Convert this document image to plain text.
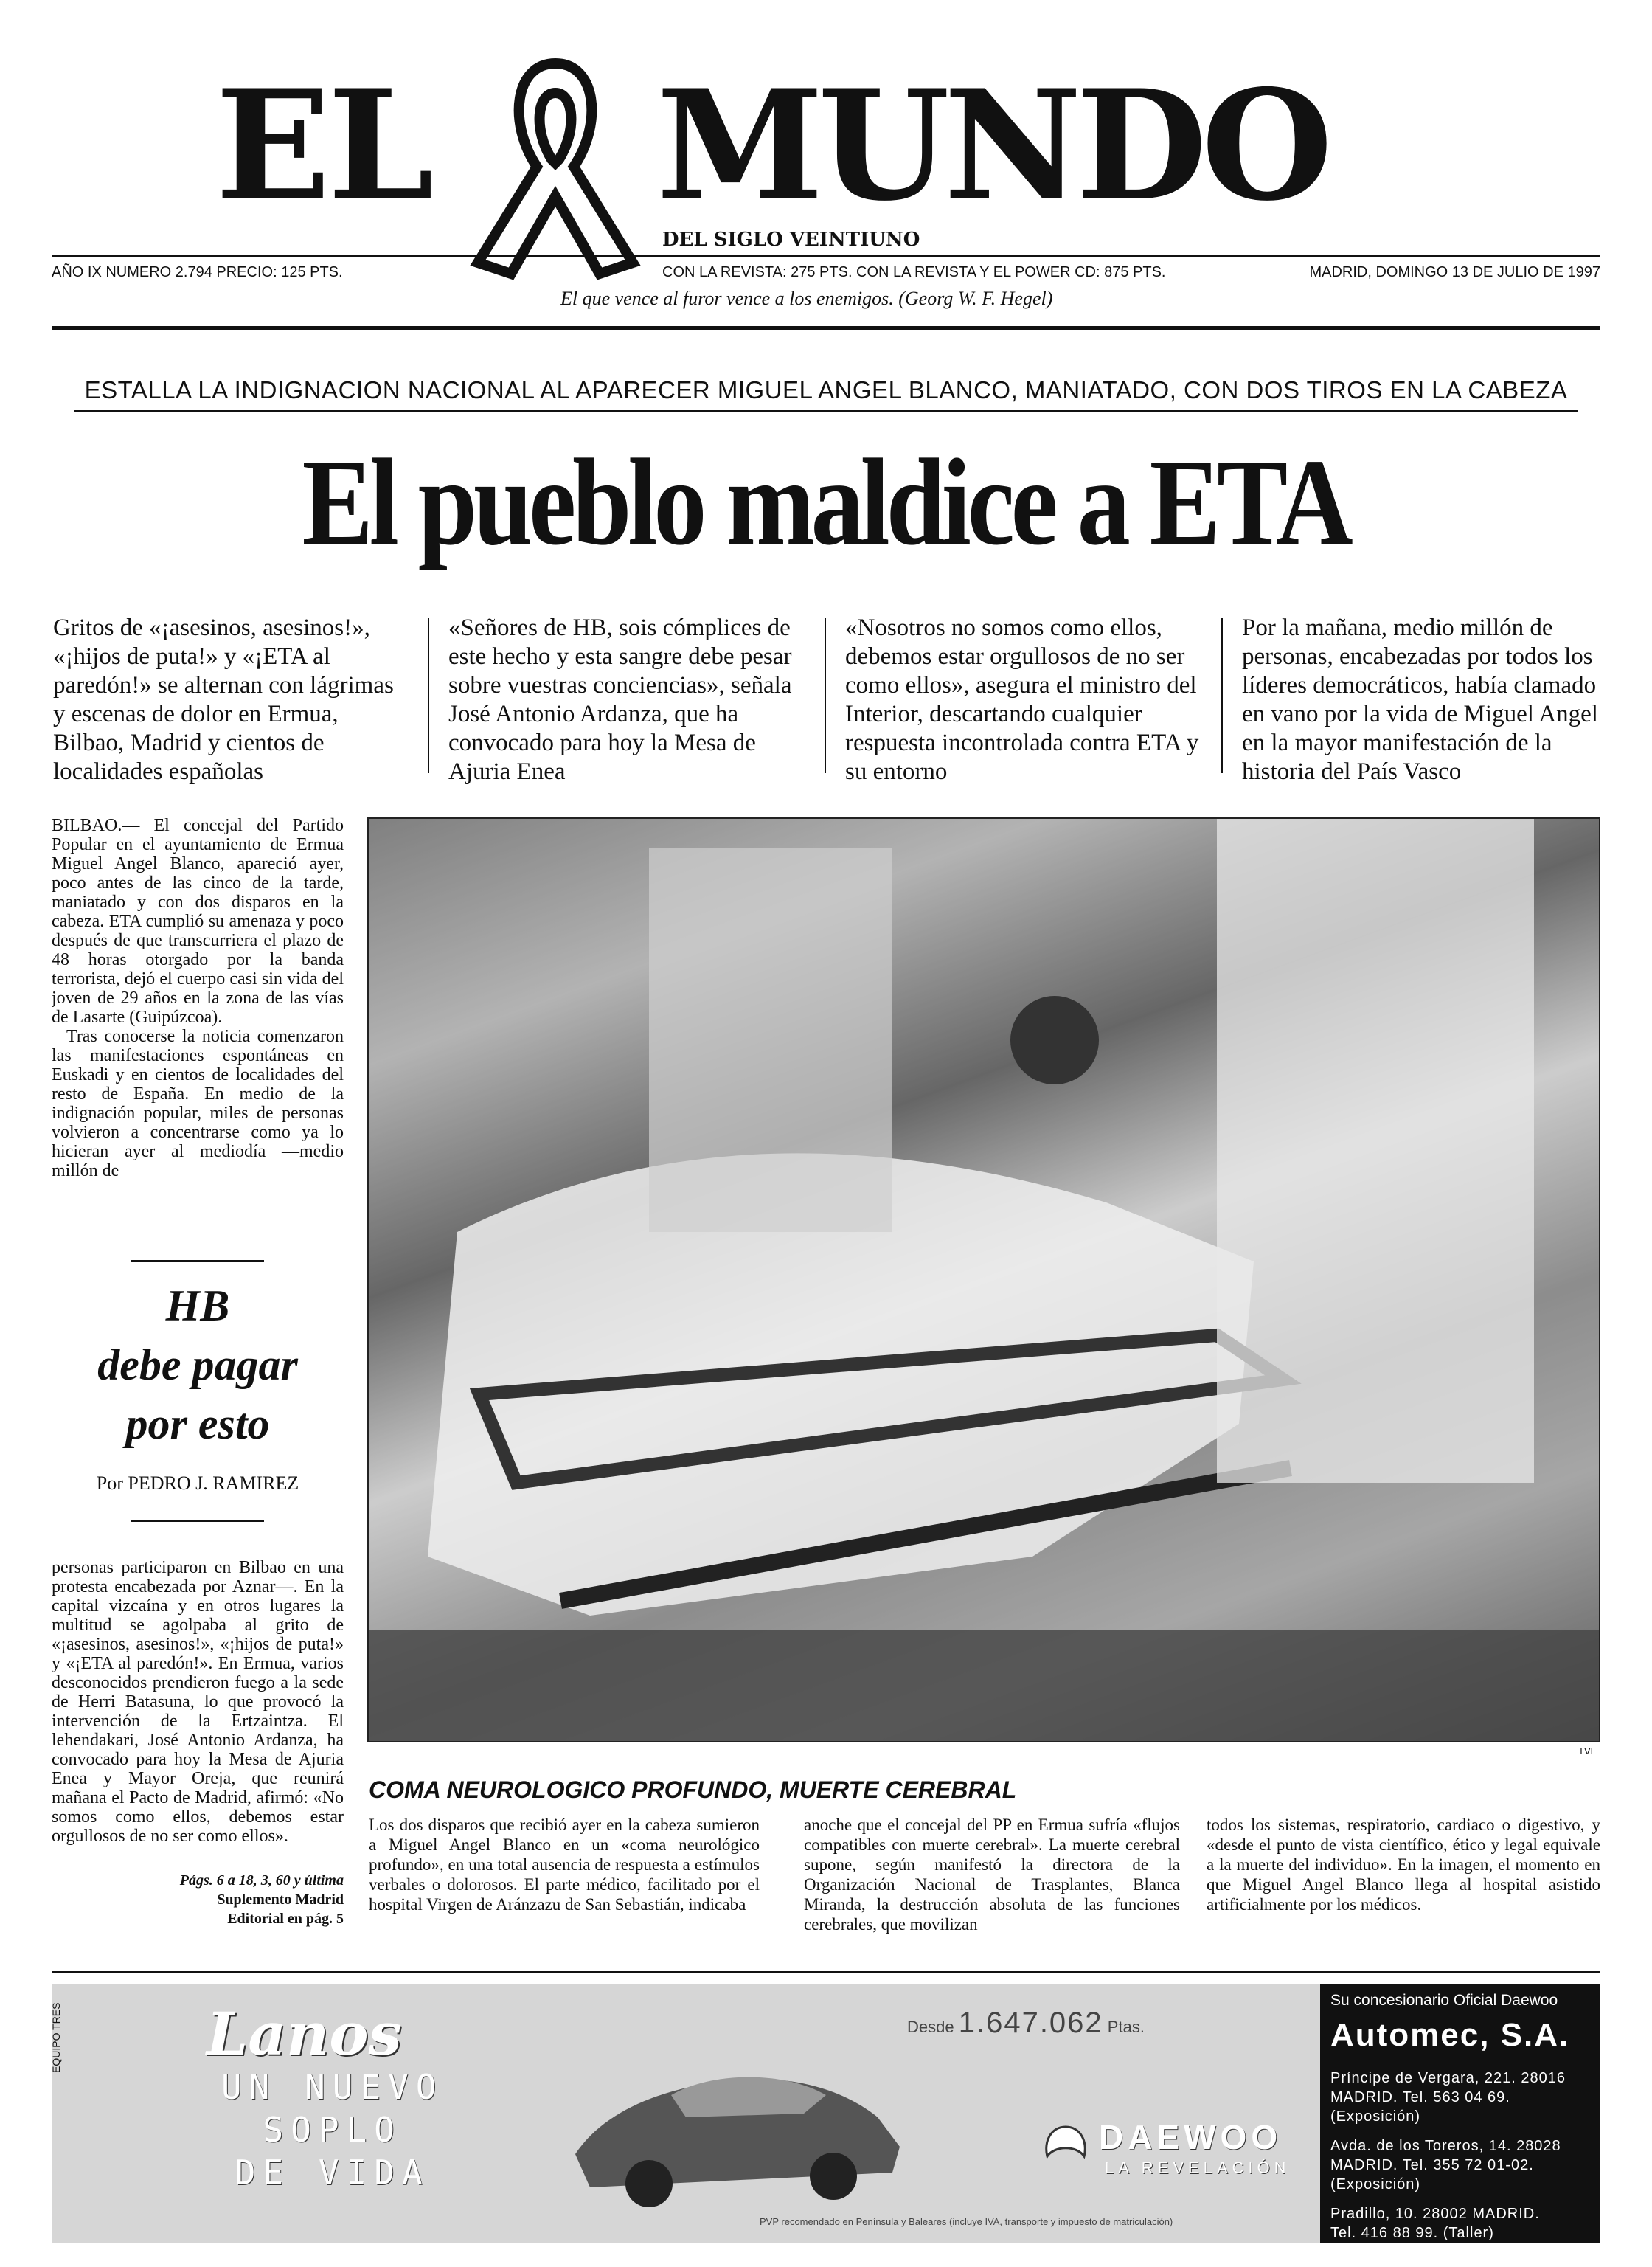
EL MUNDO
DEL SIGLO VEINTIUNO
AÑO IX NUMERO 2.794 PRECIO: 125 PTS.	CON LA REVISTA: 275 PTS. CON LA REVISTA Y EL POWER CD: 875 PTS.	MADRID, DOMINGO 13 DE JULIO DE 1997
El que vence al furor vence a los enemigos. (Georg W. F. Hegel)
ESTALLA LA INDIGNACION NACIONAL AL APARECER MIGUEL ANGEL BLANCO, MANIATADO, CON DOS TIROS EN LA CABEZA
El pueblo maldice a ETA
Gritos de «¡asesinos, asesinos!», «¡hijos de puta!» y «¡ETA al paredón!» se alternan con lágrimas y escenas de dolor en Ermua, Bilbao, Madrid y cientos de localidades españolas
«Señores de HB, sois cómplices de este hecho y esta sangre debe pesar sobre vuestras conciencias», señala José Antonio Ardanza, que ha convocado para hoy la Mesa de Ajuria Enea
«Nosotros no somos como ellos, debemos estar orgullosos de no ser como ellos», asegura el ministro del Interior, descartando cualquier respuesta incontrolada contra ETA y su entorno
Por la mañana, medio millón de personas, encabezadas por todos los líderes democráticos, había clamado en vano por la vida de Miguel Angel en la mayor manifestación de la historia del País Vasco

BILBAO.— El concejal del Partido Popular en el ayuntamiento de Ermua Miguel Angel Blanco, apareció ayer, poco antes de las cinco de la tarde, maniatado y con dos disparos en la cabeza. ETA cumplió su amenaza y poco después de que transcurriera el plazo de 48 horas otorgado por la banda terrorista, dejó el cuerpo casi sin vida del joven de 29 años en la zona de las vías de Lasarte (Guipúzcoa).

Tras conocerse la noticia comenzaron las manifestaciones espontáneas en Euskadi y en cientos de localidades del resto de España. En medio de la indignación popular, miles de personas volvieron a concentrarse como ya lo hicieran ayer al mediodía —medio millón de

HB
debe pagar
por esto
Por PEDRO J. RAMIREZ
personas participaron en Bilbao en una protesta encabezada por Aznar—. En la capital vizcaína y en otros lugares la multitud se agolpaba al grito de «¡asesinos, asesinos!», «¡hijos de puta!» y «¡ETA al paredón!». En Ermua, varios desconocidos prendieron fuego a la sede de Herri Batasuna, lo que provocó la intervención de la Ertzaintza. El lehendakari, José Antonio Ardanza, ha convocado para hoy la Mesa de Ajuria Enea y Mayor Oreja, que reunirá mañana el Pacto de Madrid, afirmó: «No somos como ellos, debemos estar orgullosos de no ser como ellos».
Págs. 6 a 18, 3, 60 y última
Suplemento Madrid
Editorial en pág. 5
TVE
COMA NEUROLOGICO PROFUNDO, MUERTE CEREBRAL
Los dos disparos que recibió ayer en la cabeza sumieron a Miguel Angel Blanco en un «coma neurológico profundo», en una total ausencia de respuesta a estímulos verbales o dolorosos. El parte médico, facilitado por el hospital Virgen de Aránzazu de San Sebastián, indicaba
anoche que el concejal del PP en Ermua sufría «flujos compatibles con muerte cerebral». La muerte cerebral supone, según manifestó la directora de la Organización Nacional de Trasplantes, Blanca Miranda, la destrucción absoluta de las funciones cerebrales, que movilizan
todos los sistemas, respiratorio, cardiaco o digestivo, y «desde el punto de vista científico, ético y legal equivale a la muerte del individuo». En la imagen, el momento en que Miguel Angel Blanco llega al hospital asistido artificialmente por los médicos.
EQUIPO TRES Lanos
UN NUEVO
SOPLO
DE VIDA
Desde 1.647.062 Ptas.
DAEWOO
LA REVELACIÓN
PVP recomendado en Península y Baleares (incluye IVA, transporte y impuesto de matriculación)
Su concesionario Oficial Daewoo
Automec, S.A.
Príncipe de Vergara, 221. 28016
MADRID. Tel. 563 04 69. (Exposición)
Avda. de los Toreros, 14. 28028
MADRID. Tel. 355 72 01-02. (Exposición)
Pradillo, 10. 28002 MADRID.
Tel. 416 88 99. (Taller)
